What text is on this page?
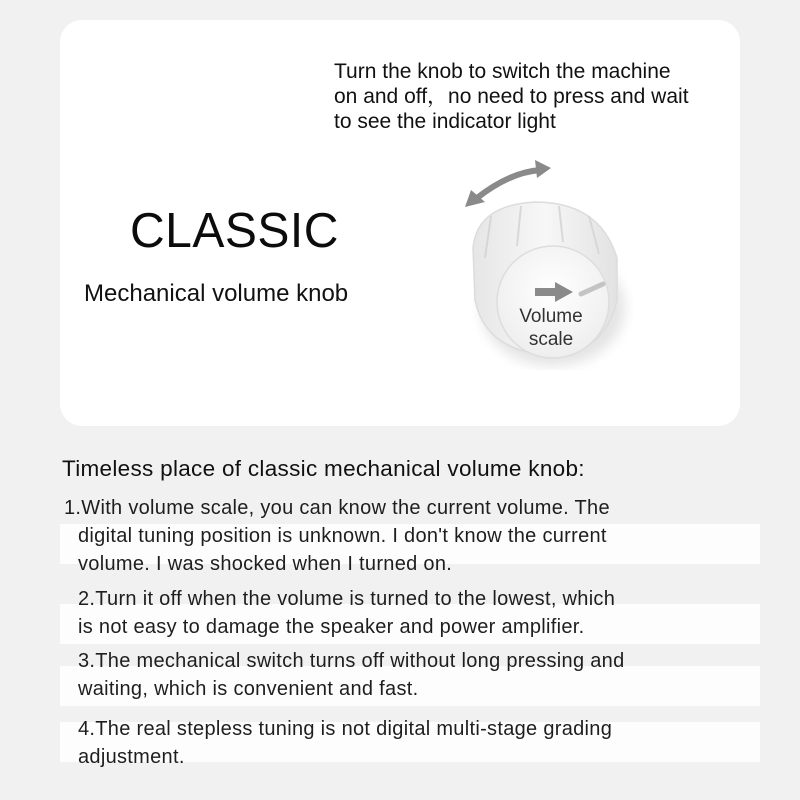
Turn the knob to switch the machine
on and off，no need to press and wait
to see the indicator light

CLASSIC

Mechanical volume knob

Volume
scale
Timeless place of classic mechanical volume knob:
1.With volume scale, you can know the current volume. The
digital tuning position is unknown. I don't know the current
volume. I was shocked when I turned on.
2.Turn it off when the volume is turned to the lowest, which
is not easy to damage the speaker and power amplifier.
3.The mechanical switch turns off without long pressing and
waiting, which is convenient and fast.
4.The real stepless tuning is not digital multi-stage grading
adjustment.
